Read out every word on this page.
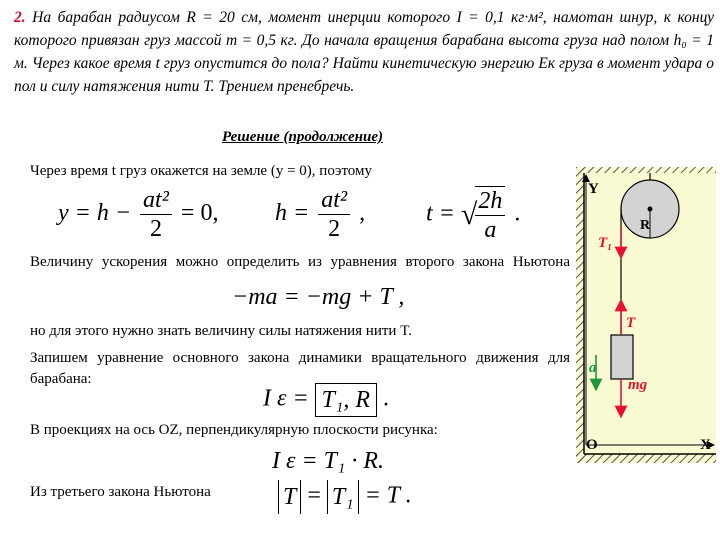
2. На барабан радиусом R = 20 см, момент инерции которого I = 0,1 кг·м², намотан шнур, к концу которого привязан груз массой m = 0,5 кг. До начала вращения барабана высота груза над полом h₀ = 1 м. Через какое время t груз опустится до пола? Найти кинетическую энергию Eк груза в момент удара о пол и силу натяжения нити T. Трением пренебречь.
Решение (продолжение)
Через время t груз окажется на земле (y = 0), поэтому
$y = h - \frac{\text{at²}}{2} = 0$, $h = \frac{\text{at²}}{2}$ ,	t = √
$\frac{2h}{a}$ .
Величину ускорения можно определить из уравнения второго закона Ньютона
−ma = −mg + T ,
но для этого нужно знать величину силы натяжения нити T.
Запишем уравнение основного закона динамики вращательного движения для барабана:
I ε = T₁, R .
В проекциях на ось OZ, перпендикулярную плоскости рисунка:
I ε = T₁ · R.
Из третьего закона Ньютона	T = T₁ = T .
R
T₁
T
mg
a
Y
X
O
